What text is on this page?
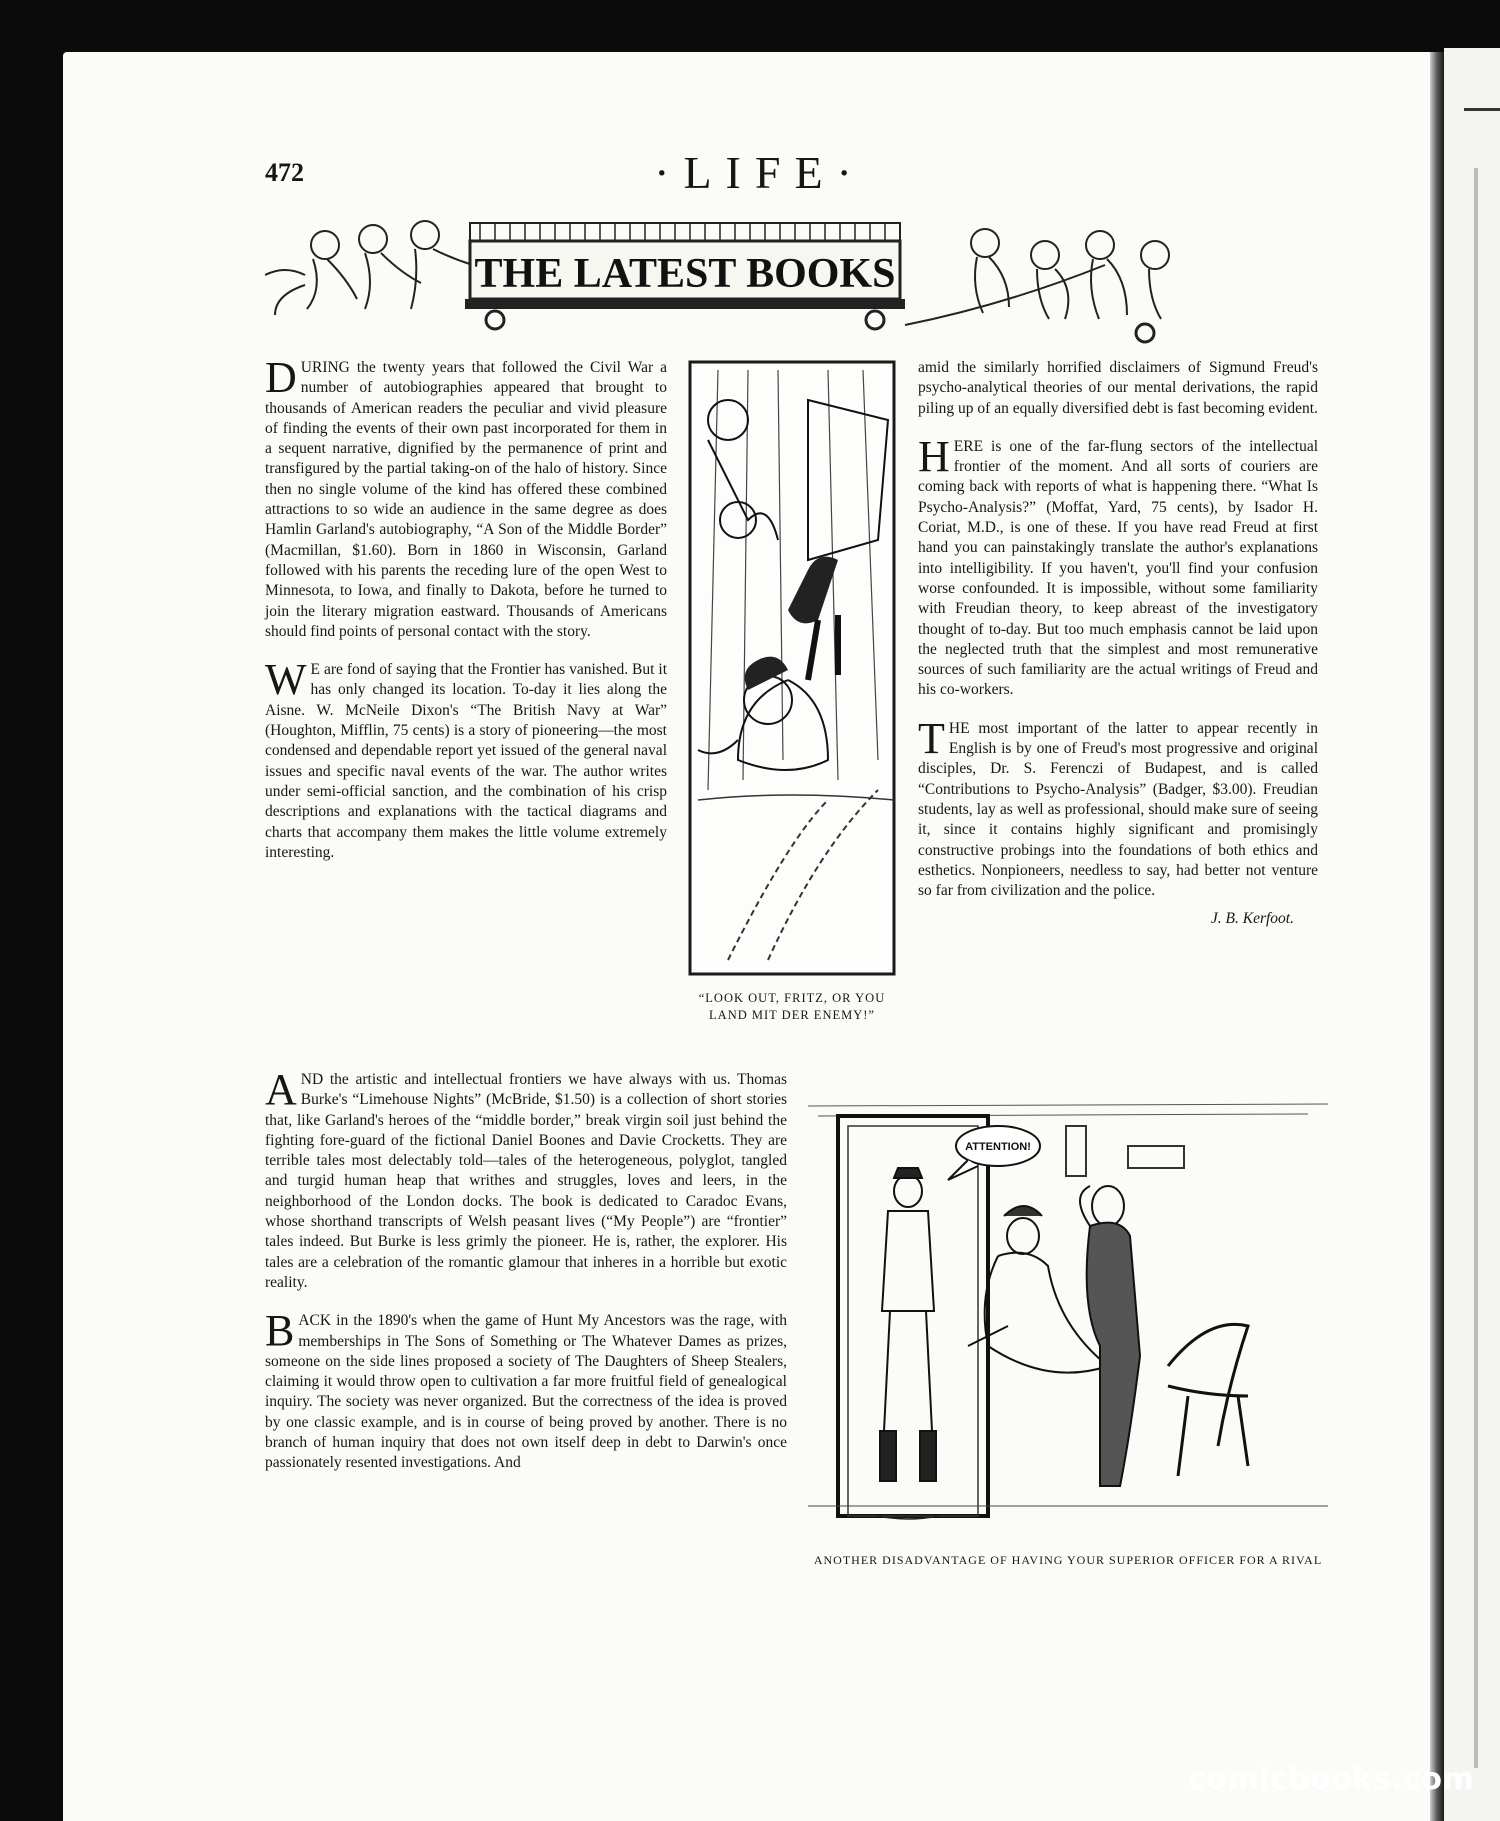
472	·LIFE·
THE LATEST BOOKS

DURING the twenty years that followed the Civil War a number of autobiographies appeared that brought to thousands of American readers the peculiar and vivid pleasure of finding the events of their own past incorporated for them in a sequent narrative, dignified by the permanence of print and transfigured by the partial taking-on of the halo of history. Since then no single volume of the kind has offered these combined attractions to so wide an audience in the same degree as does Hamlin Garland's autobiography, “A Son of the Middle Border” (Macmillan, $1.60). Born in 1860 in Wisconsin, Garland followed with his parents the receding lure of the open West to Minnesota, to Iowa, and finally to Dakota, before he turned to join the literary migration eastward. Thousands of Americans should find points of personal contact with the story.

W E are fond of saying that the Frontier has vanished. But it has only changed its location. To-day it lies along the Aisne. W. McNeile Dixon's “The British Navy at War” (Houghton, Mifflin, 75 cents) is a story of pioneering—the most condensed and dependable report yet issued of the general naval issues and specific naval events of the war. The author writes under semi-official sanction, and the combination of his crisp descriptions and explanations with the tactical diagrams and charts that accompany them makes the little volume extremely interesting.

“LOOK OUT, FRITZ, OR YOU LAND MIT DER ENEMY!”

amid the similarly horrified disclaimers of Sigmund Freud's psycho-analytical theories of our mental derivations, the rapid piling up of an equally diversified debt is fast becoming evident.

HERE is one of the far-flung sectors of the intellectual frontier of the moment. And all sorts of couriers are coming back with reports of what is happening there. “What Is Psycho-Analysis?” (Moffat, Yard, 75 cents), by Isador H. Coriat, M.D., is one of these. If you have read Freud at first hand you can painstakingly translate the author's explanations into intelligibility. If you haven't, you'll find your confusion worse confounded. It is impossible, without some familiarity with Freudian theory, to keep abreast of the investigatory thought of to-day. But too much emphasis cannot be laid upon the neglected truth that the simplest and most remunerative sources of such familiarity are the actual writings of Freud and his co-workers.

THE most important of the latter to appear recently in English is by one of Freud's most progressive and original disciples, Dr. S. Ferenczi of Budapest, and is called “Contributions to Psycho-Analysis” (Badger, $3.00). Freudian students, lay as well as professional, should make sure of seeing it, since it contains highly significant and promisingly constructive probings into the foundations of both ethics and esthetics. Nonpioneers, needless to say, had better not venture so far from civilization and the police.

J. B. Kerfoot.

AND the artistic and intellectual frontiers we have always with us. Thomas Burke's “Limehouse Nights” (McBride, $1.50) is a collection of short stories that, like Garland's heroes of the “middle border,” break virgin soil just behind the fighting fore-guard of the fictional Daniel Boones and Davie Crocketts. They are terrible tales most delectably told—tales of the heterogeneous, polyglot, tangled and turgid human heap that writhes and struggles, loves and leers, in the neighborhood of the London docks. The book is dedicated to Caradoc Evans, whose shorthand transcripts of Welsh peasant lives (“My People”) are “frontier” tales indeed. But Burke is less grimly the pioneer. He is, rather, the explorer. His tales are a celebration of the romantic glamour that inheres in a horrible but exotic reality.

BACK in the 1890's when the game of Hunt My Ancestors was the rage, with memberships in The Sons of Something or The Whatever Dames as prizes, someone on the side lines proposed a society of The Daughters of Sheep Stealers, claiming it would throw open to cultivation a far more fruitful field of genealogical inquiry. The society was never organized. But the correctness of the idea is proved by one classic example, and is in course of being proved by another. There is no branch of human inquiry that does not own itself deep in debt to Darwin's once passionately resented investigations. And

ATTENTION!
ANOTHER DISADVANTAGE OF HAVING YOUR SUPERIOR OFFICER FOR A RIVAL
comicbooks.com
